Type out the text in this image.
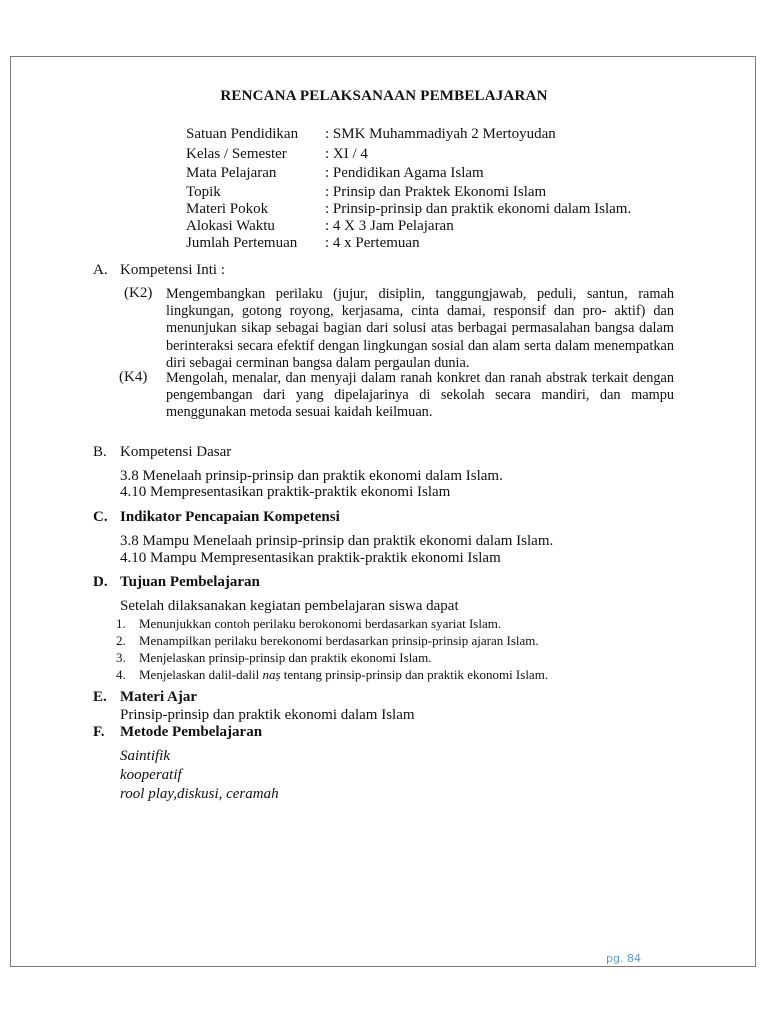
RENCANA PELAKSANAAN PEMBELAJARAN
Satuan Pendidikan : SMK Muhammadiyah 2 Mertoyudan
Kelas / Semester	: XI / 4
Mata Pelajaran	: Pendidikan Agama Islam
Topik	: Prinsip dan Praktek Ekonomi Islam
Materi Pokok	: Prinsip-prinsip dan praktik ekonomi dalam Islam.
Alokasi Waktu	: 4 X 3 Jam Pelajaran
Jumlah Pertemuan : 4 x Pertemuan
A. Kompetensi Inti :
(K2) Mengembangkan perilaku (jujur, disiplin, tanggungjawab, peduli, santun, ramah lingkungan, gotong royong, kerjasama, cinta damai, responsif dan pro- aktif) dan menunjukan sikap sebagai bagian dari solusi atas berbagai permasalahan bangsa dalam berinteraksi secara efektif dengan lingkungan sosial dan alam serta dalam menempatkan diri sebagai cerminan bangsa dalam pergaulan dunia.
(K4) Mengolah, menalar, dan menyaji dalam ranah konkret dan ranah abstrak terkait dengan pengembangan dari yang dipelajarinya di sekolah secara mandiri, dan mampu menggunakan metoda sesuai kaidah keilmuan.
B. Kompetensi Dasar
3.8 Menelaah prinsip-prinsip dan praktik ekonomi dalam Islam.
4.10 Mempresentasikan praktik-praktik ekonomi Islam
C. Indikator Pencapaian Kompetensi
3.8 Mampu Menelaah prinsip-prinsip dan praktik ekonomi dalam Islam.
4.10 Mampu Mempresentasikan praktik-praktik ekonomi Islam
D. Tujuan Pembelajaran
Setelah dilaksanakan kegiatan pembelajaran siswa dapat
1. Menunjukkan contoh perilaku berokonomi berdasarkan syariat Islam.
2. Menampilkan perilaku berekonomi berdasarkan prinsip-prinsip ajaran Islam.
3. Menjelaskan prinsip-prinsip dan praktik ekonomi Islam.
4. Menjelaskan dalil-dalil naṣ tentang prinsip-prinsip dan praktik ekonomi Islam.
E. Materi Ajar
Prinsip-prinsip dan praktik ekonomi dalam Islam
F. Metode Pembelajaran
Saintifik
kooperatif
rool play,diskusi, ceramah
pg. 84
